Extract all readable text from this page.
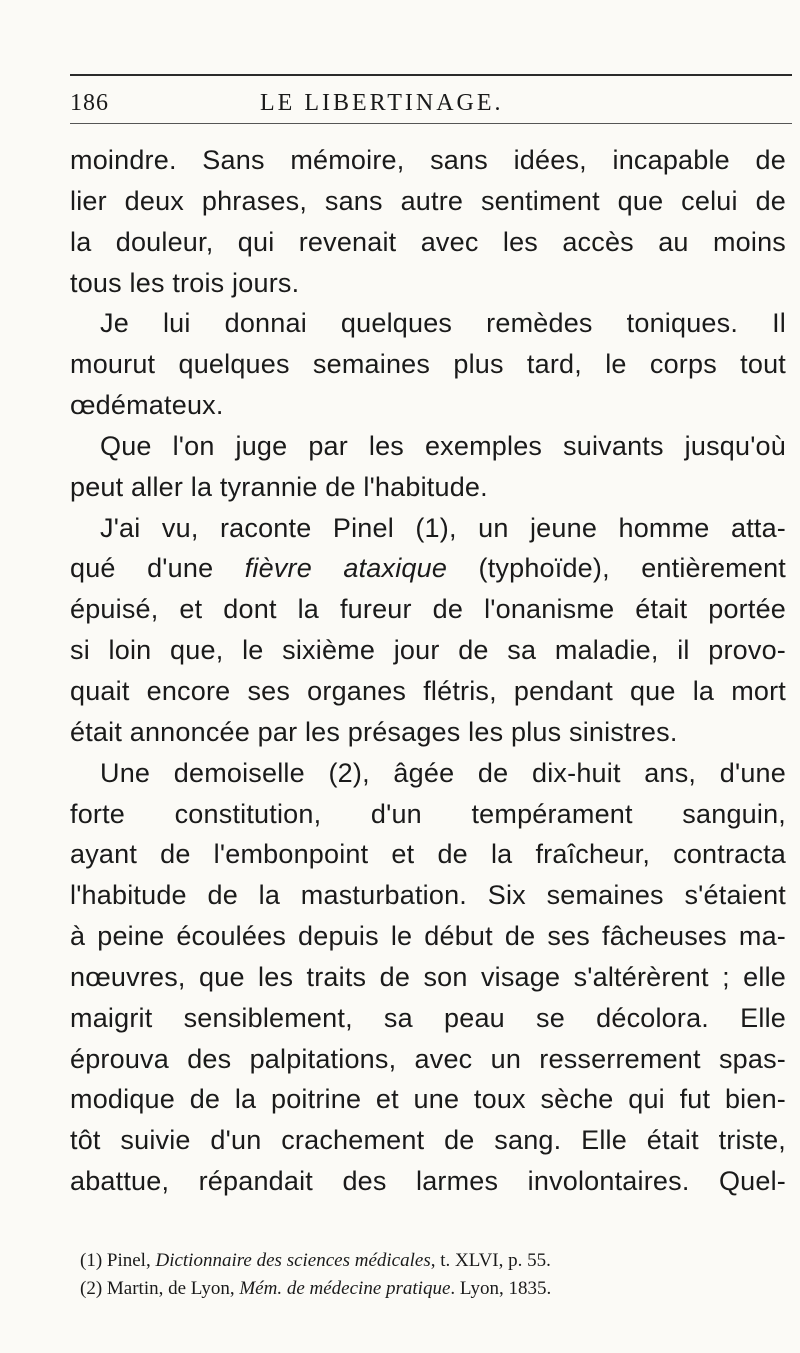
186	LE LIBERTINAGE.
moindre. Sans mémoire, sans idées, incapable de
lier deux phrases, sans autre sentiment que celui de
la douleur, qui revenait avec les accès au moins
tous les trois jours.
Je lui donnai quelques remèdes toniques. Il
mourut quelques semaines plus tard, le corps tout
œdémateux.
Que l'on juge par les exemples suivants jusqu'où
peut aller la tyrannie de l'habitude.
J'ai vu, raconte Pinel (1), un jeune homme atta-
qué d'une fièvre ataxique (typhoïde), entièrement
épuisé, et dont la fureur de l'onanisme était portée
si loin que, le sixième jour de sa maladie, il provo-
quait encore ses organes flétris, pendant que la mort
était annoncée par les présages les plus sinistres.
Une demoiselle (2), âgée de dix-huit ans, d'une
forte constitution, d'un tempérament sanguin,
ayant de l'embonpoint et de la fraîcheur, contracta
l'habitude de la masturbation. Six semaines s'étaient
à peine écoulées depuis le début de ses fâcheuses ma-
nœuvres, que les traits de son visage s'altérèrent ; elle
maigrit sensiblement, sa peau se décolora. Elle
éprouva des palpitations, avec un resserrement spas-
modique de la poitrine et une toux sèche qui fut bien-
tôt suivie d'un crachement de sang. Elle était triste,
abattue, répandait des larmes involontaires. Quel-
(1) Pinel, Dictionnaire des sciences médicales, t. XLVI, p. 55.
(2) Martin, de Lyon, Mém. de médecine pratique. Lyon, 1835.
